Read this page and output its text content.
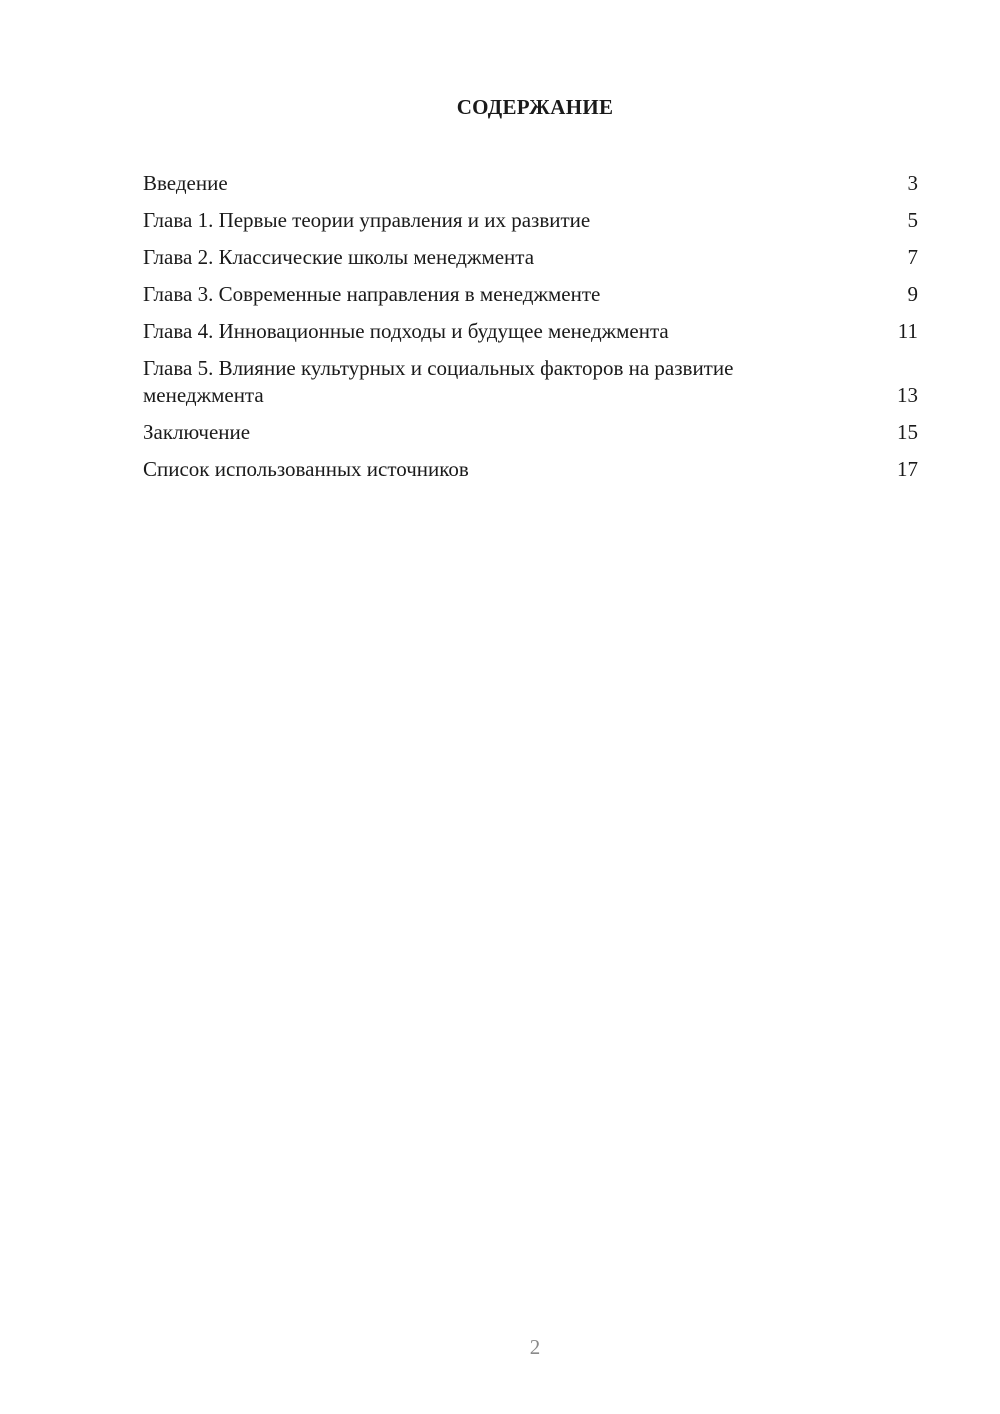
СОДЕРЖАНИЕ
Введение	3
Глава 1. Первые теории управления и их развитие	5
Глава 2. Классические школы менеджмента	7
Глава 3. Современные направления в менеджменте	9
Глава 4. Инновационные подходы и будущее менеджмента	11
Глава 5. Влияние культурных и социальных факторов на развитие менеджмента	13
Заключение	15
Список использованных источников	17
2
